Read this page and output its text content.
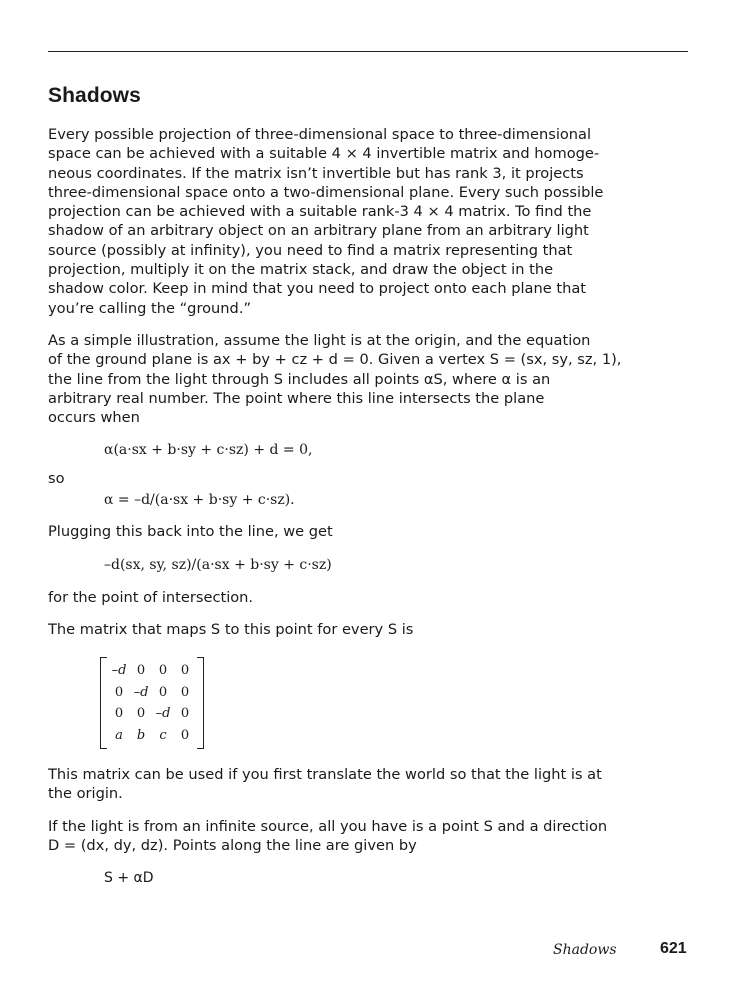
Shadows

Every possible projection of three-dimensional space to three-dimensional
space can be achieved with a suitable 4 × 4 invertible matrix and homoge-
neous coordinates. If the matrix isn’t invertible but has rank 3, it projects
three-dimensional space onto a two-dimensional plane. Every such possible
projection can be achieved with a suitable rank-3 4 × 4 matrix. To find the
shadow of an arbitrary object on an arbitrary plane from an arbitrary light
source (possibly at infinity), you need to find a matrix representing that
projection, multiply it on the matrix stack, and draw the object in the
shadow color. Keep in mind that you need to project onto each plane that
you’re calling the “ground.”

As a simple illustration, assume the light is at the origin, and the equation
of the ground plane is ax + by + cz + d = 0. Given a vertex S = (sx, sy, sz, 1),
the line from the light through S includes all points αS, where α is an
arbitrary real number. The point where this line intersects the plane
occurs when

α(a·sx + b·sy + c·sz) + d = 0,

so

α = –d/(a·sx + b·sy + c·sz).

Plugging this back into the line, we get

–d(sx, sy, sz)/(a·sx + b·sy + c·sz)

for the point of intersection.

The matrix that maps S to this point for every S is

–d	0	0	0
0	–d	0	0
0	0	–d	0
a	b	c	0

This matrix can be used if you first translate the world so that the light is at
the origin.

If the light is from an infinite source, all you have is a point S and a direction
D = (dx, dy, dz). Points along the line are given by

S + αD

Shadows	621
